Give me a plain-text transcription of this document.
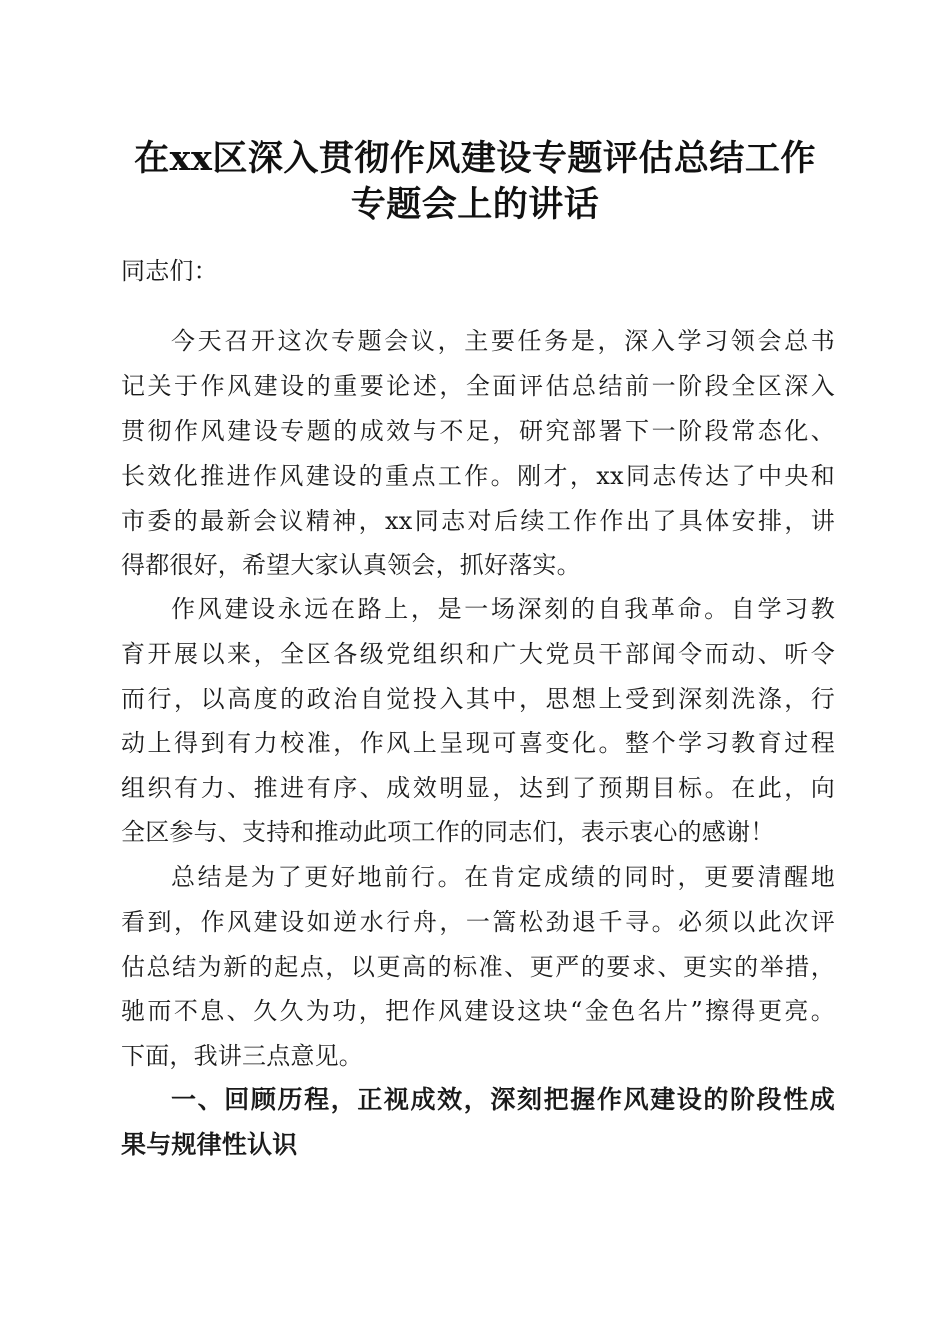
在xx区深入贯彻作风建设专题评估总结工作
专题会上的讲话
同志们：
今天召开这次专题会议，主要任务是，深入学习领会总书
记关于作风建设的重要论述，全面评估总结前一阶段全区深入
贯彻作风建设专题的成效与不足，研究部署下一阶段常态化、
长效化推进作风建设的重点工作。刚才，xx同志传达了中央和
市委的最新会议精神，xx同志对后续工作作出了具体安排，讲
得都很好，希望大家认真领会，抓好落实。
作风建设永远在路上，是一场深刻的自我革命。自学习教
育开展以来，全区各级党组织和广大党员干部闻令而动、听令
而行，以高度的政治自觉投入其中，思想上受到深刻洗涤，行
动上得到有力校准，作风上呈现可喜变化。整个学习教育过程
组织有力、推进有序、成效明显，达到了预期目标。在此，向
全区参与、支持和推动此项工作的同志们，表示衷心的感谢！
总结是为了更好地前行。在肯定成绩的同时，更要清醒地
看到，作风建设如逆水行舟，一篙松劲退千寻。必须以此次评
估总结为新的起点，以更高的标准、更严的要求、更实的举措，
驰而不息、久久为功，把作风建设这块“金色名片”擦得更亮。
下面，我讲三点意见。
一、回顾历程，正视成效，深刻把握作风建设的阶段性成
果与规律性认识
